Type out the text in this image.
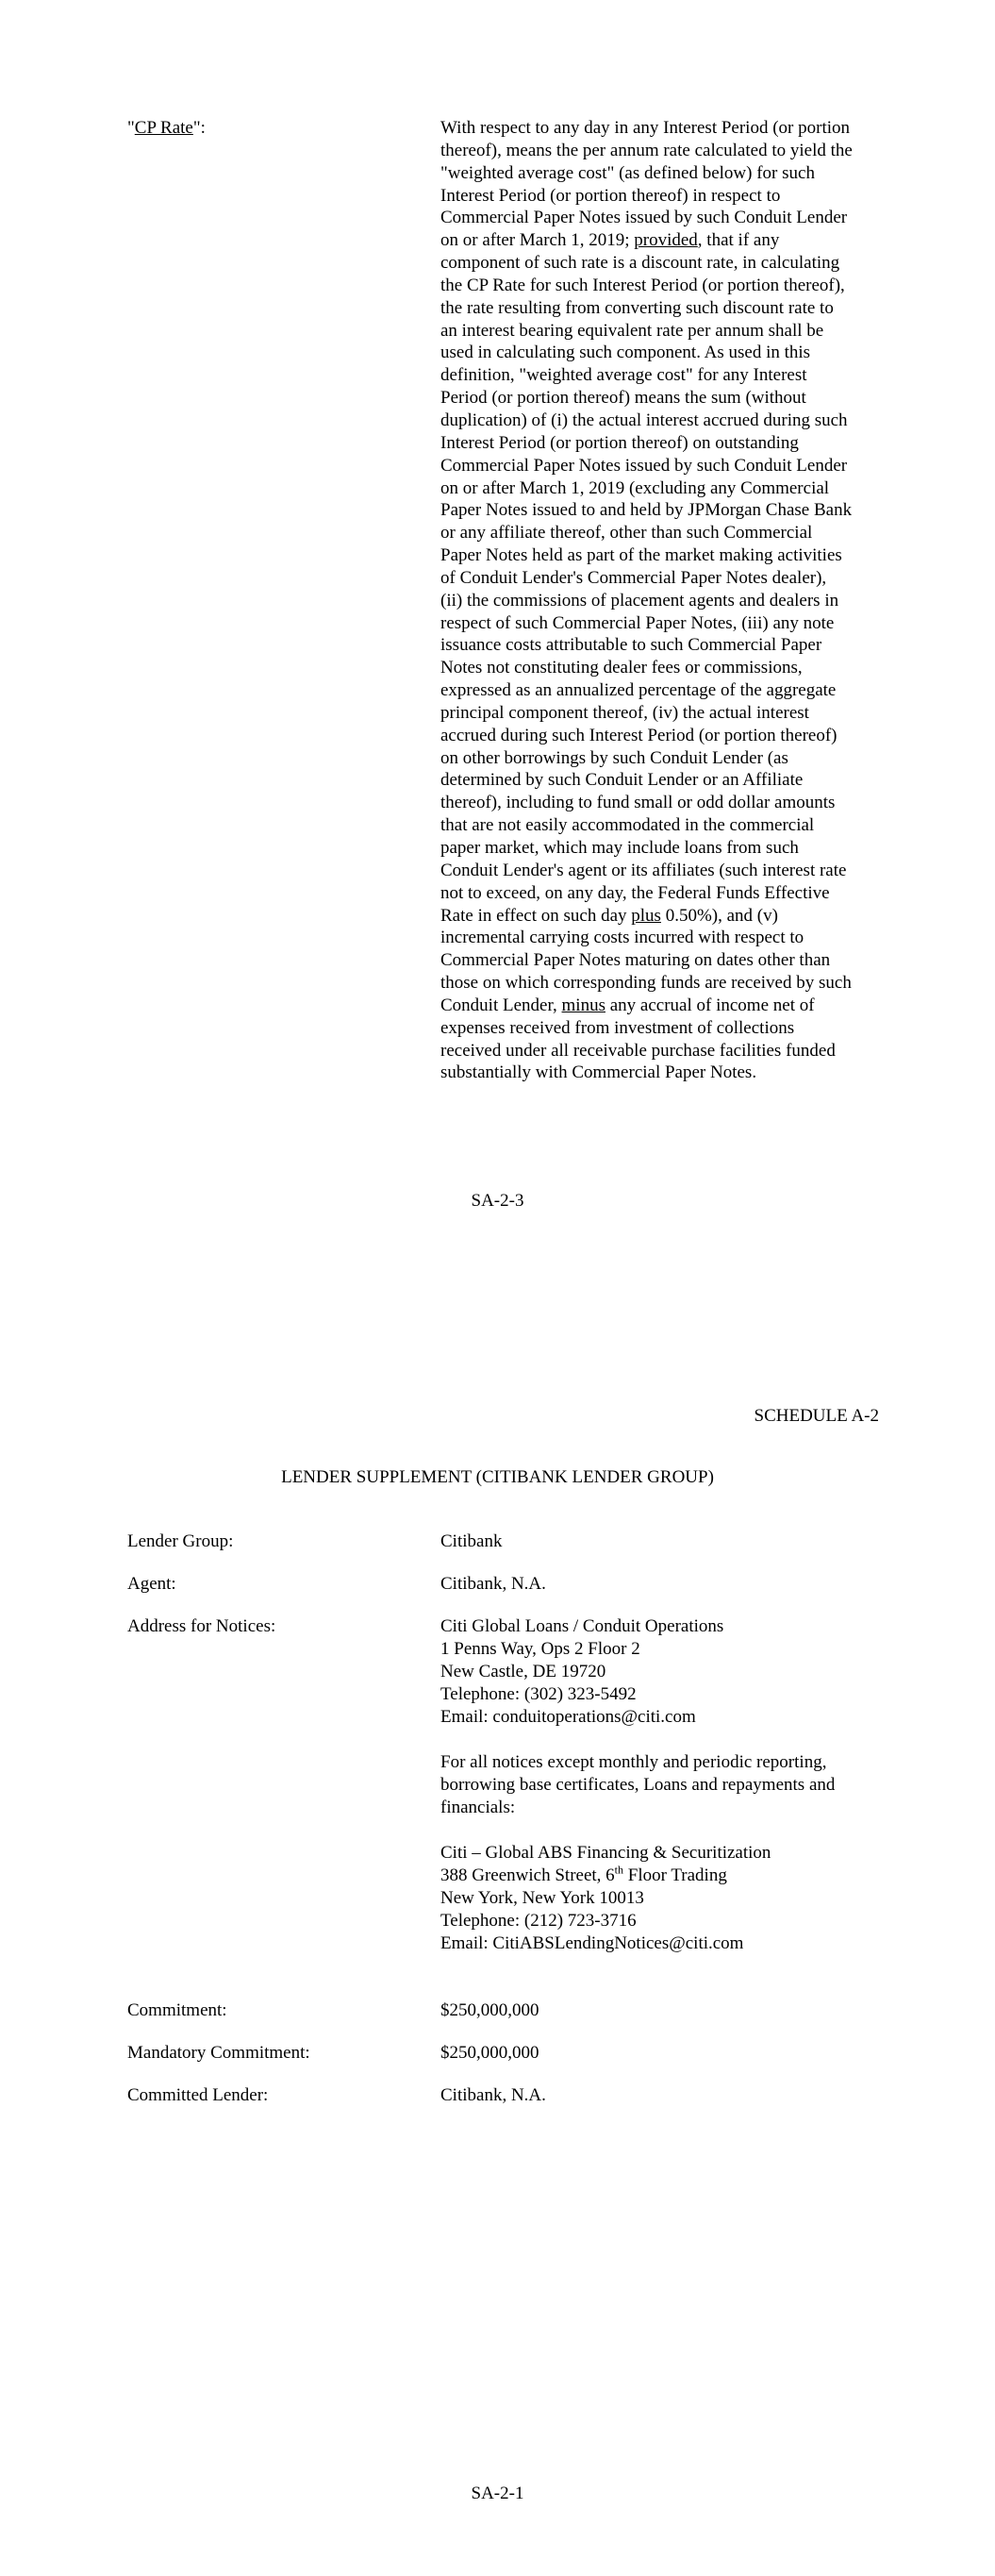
"CP Rate":	With respect to any day in any Interest Period (or portion
thereof), means the per annum rate calculated to yield the
"weighted average cost" (as defined below) for such
Interest Period (or portion thereof) in respect to
Commercial Paper Notes issued by such Conduit Lender
on or after March 1, 2019; provided, that if any
component of such rate is a discount rate, in calculating
the CP Rate for such Interest Period (or portion thereof),
the rate resulting from converting such discount rate to
an interest bearing equivalent rate per annum shall be
used in calculating such component. As used in this
definition, "weighted average cost" for any Interest
Period (or portion thereof) means the sum (without
duplication) of (i) the actual interest accrued during such
Interest Period (or portion thereof) on outstanding
Commercial Paper Notes issued by such Conduit Lender
on or after March 1, 2019 (excluding any Commercial
Paper Notes issued to and held by JPMorgan Chase Bank
or any affiliate thereof, other than such Commercial
Paper Notes held as part of the market making activities
of Conduit Lender's Commercial Paper Notes dealer),
(ii) the commissions of placement agents and dealers in
respect of such Commercial Paper Notes, (iii) any note
issuance costs attributable to such Commercial Paper
Notes not constituting dealer fees or commissions,
expressed as an annualized percentage of the aggregate
principal component thereof, (iv) the actual interest
accrued during such Interest Period (or portion thereof)
on other borrowings by such Conduit Lender (as
determined by such Conduit Lender or an Affiliate
thereof), including to fund small or odd dollar amounts
that are not easily accommodated in the commercial
paper market, which may include loans from such
Conduit Lender's agent or its affiliates (such interest rate
not to exceed, on any day, the Federal Funds Effective
Rate in effect on such day plus 0.50%), and (v)
incremental carrying costs incurred with respect to
Commercial Paper Notes maturing on dates other than
those on which corresponding funds are received by such
Conduit Lender, minus any accrual of income net of
expenses received from investment of collections
received under all receivable purchase facilities funded
substantially with Commercial Paper Notes.
SA-2-3
SCHEDULE A-2
LENDER SUPPLEMENT (CITIBANK LENDER GROUP)
Lender Group:	Citibank
Agent:	Citibank, N.A.
Address for Notices:	Citi Global Loans / Conduit Operations
1 Penns Way, Ops 2 Floor 2
New Castle, DE 19720
Telephone: (302) 323-5492
Email: conduitoperations@citi.com
For all notices except monthly and periodic reporting,
borrowing base certificates, Loans and repayments and
financials:
Citi – Global ABS Financing & Securitization
388 Greenwich Street, 6th Floor Trading
New York, New York 10013
Telephone: (212) 723-3716
Email: CitiABSLendingNotices@citi.com
Commitment:	$250,000,000
Mandatory Commitment:	$250,000,000
Committed Lender:	Citibank, N.A.
SA-2-1
